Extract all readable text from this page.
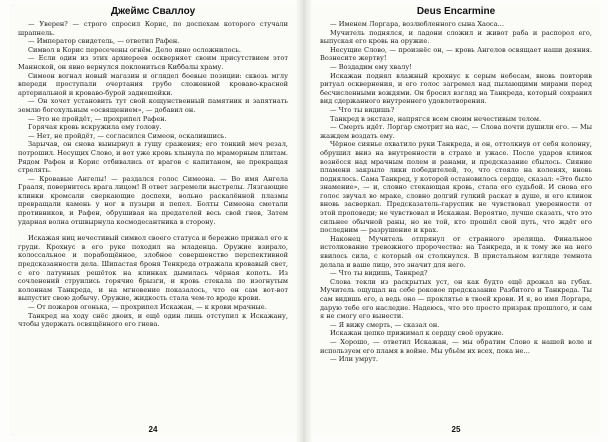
Джеймс Сваллоу

— Уверен? — строго спросил Корис, по доспехам которого стучали шрапнель.

— Император свидетель, — ответил Рафен.

Символ в Корис пересечены огнём. Дело явно осложнилось.

— Если один из этих архиереев оскверняет своим присутствием этот Маннской, он явно вернулся поклониться Киббалы храму.

Симеон вогнал новый магазин и оглядел боевые позиции: сквозь мглу впереди проступали очертания грубо сложенной кроваво-красной артериальной и кроваво-бурой заднешейки.

— Он хочет установить тут свой кощунственный памятник и запятнать землю богохульным «освящением», — добавил он.

— Это не пройдёт, — прохрипел Рафен.

Горячая кровь вскружила ему голову.

— Нет, не пройдёт, — согласился Симеон, оскалившись.

Зарычав, он снова вынырнул в гущу сражения; его тонкий меч резал, потрошил. Несущих Слово, и вот уже кровь хлынула по мраморным плитам. Рядом Рафен и Корис отбивались от врагов с капитаном, не прекращая стрелять.

— Кровавые Ангелы! — раздался голос Симеона. — Во имя Ангела Грааля, повернитесь врага лицом! В ответ загремели выстрелы. Лязгающие клинки кромсали сверкающие доспехи, вольно раскалённой плазмы превращали камень у ног в пузыри и пепел. Болты Симеона сметали противников, и Рафен, обрушивая на предателей весь свой гнев, Затем ударная волна отшвырнула космодесантника в сторону.

Искажая ниц нечестивый символ своего статуса и бережно прижал его к груди. Крохнус в его руке походил на младенца. Оружие взирало, колоссальное и порабощённое, злобное совершенство перспективной предсказанности дела. Шипастая броня Тенкреда отражала кровавый свет, с его латунных решёток на клинках дымилась чёрная копоть. Из сочленений струились горячие брызги, и кровь стекала по изогнутым колоннам Танкреда, и на мгновение показалось, что он сам вот-вот выпустит свою добычу. Оружие, жидкость стала чем-то вроде крови.

— От пожаров огонька, — прохрипел Искажан, — к крови мрачные.

Танкред на ходу снёс двоих, и ещё один лишь отступил к Искажану, чтобы удержать освящённого его гнева.

24
Deus Encarmine

— Именем Лоргара, возлюбленного сына Хаоса…

Мучитель поднялся, и ладони сложил и живот раба и распорол его, выпуская его кровь на оружие.

Несущие Слово, — произнёс он, — кровь Ангелов освящает наши деяния. Вознесите жертву!

— Воздадим ему хвалу!

Искажан поднял влажный крохнус к серым небесам, вновь повторив ритуал осквернения, и его голос загремел над пылающими мирами перед бесчисленными вождями. Он бросил взгляд на Танкреда, который сохранил вид сдержанного внутреннего удовлетворения.

— Что ты видишь?

Танкред в экстазе, напрягся всем своим нечестивым телом.

— Смерть идёт. Лоргар смотрит на нас, — Слова почти душили его. — Мы жаждем воздать ему.

Чёрное сиянье охватило руки Танкреда, и он, оттолкнув от себя колонну, обрушил вниз на внутренности в страхе и ужасе. После ударов клинок вознёсся над мрачным полем и ранами, и предсказание сбылось. Сияние пламени закрыло лики победителей, то, что стояло на коленях, вновь поднялось. Сама Танкред, у которой остановилось сердце, сказал: «Это было знамение», — и, словно стекающая кровь, стала его судьбой. И снова его голос звучал во мраке, словно долгий гулкий раскат в душе, и его клинок вновь засверкал. Предсказатель-гаруспик не чувствовал уверенности от этой проповеди; не чувствовал и Искажан. Вероятно, лучше сказать, что это сильнее обычной раны, но не той, кто прошёл свой путь, что ждёт его последним — разрушение и крах.

Наконец Мучитель отпрянул от странного зрелища. Финальное истолкование тревожного пророчества: на Танкреда, и к тому же на него явилось сила, с который он столкнулся. В пристальном взгляде темнота делала и ваше лицо, это значит для него.

— Что ты видишь, Танкред?

Слова текли из раскрытых уст, он как будто ещё дрожал на губах. Мучитель ощущал на себе роковое предсказание Разбитого и Танкреда. Ты сам видишь его, а ведь оно — проклятье в твоей крови. И я, во имя Лоргара, дарую тебе его наследие. Надеюсь, что это просто призрак прошлого, и сам я не смогу его вынести.

— Я вижу смерть, — сказал он.

Искажан цепко прижимал к сердцу своё оружие.

— Хорошо, — ответил Искажан, — мы обратим Слово к нашей воле и используем его пламя в войне. Мы убьём их всех, пока не…

— Или умрут.

25
